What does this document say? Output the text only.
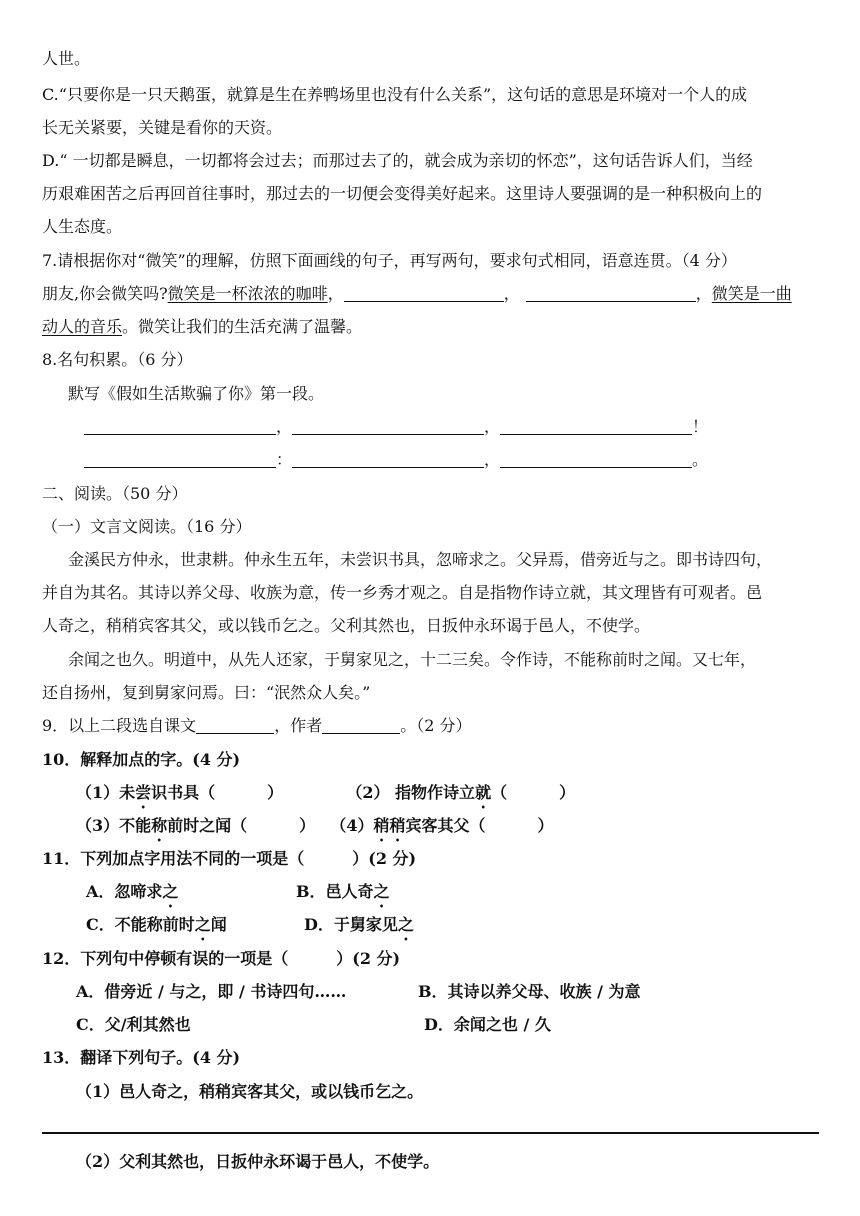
人世。
C.“只要你是一只天鹅蛋，就算是生在养鸭场里也没有什么关系”，这句话的意思是环境对一个人的成
长无关紧要，关键是看你的天资。
D.“ 一切都是瞬息，一切都将会过去；而那过去了的，就会成为亲切的怀恋”，这句话告诉人们，当经
历艰难困苦之后再回首往事时，那过去的一切便会变得美好起来。这里诗人要强调的是一种积极向上的
人生态度。
7.请根据你对“微笑”的理解，仿照下面画线的句子，再写两句，要求句式相同，语意连贯。（4 分）
朋友,你会微笑吗?微笑是一杯浓浓的咖啡，	，	，微笑是一曲
动人的音乐。微笑让我们的生活充满了温馨。
8.名句积累。（6 分）
默写《假如生活欺骗了你》第一段。
，	，	！
：	，	。
二、阅读。（50 分）
（一）文言文阅读。（16 分）
金溪民方仲永，世隶耕。仲永生五年，未尝识书具，忽啼求之。父异焉，借旁近与之。即书诗四句，
并自为其名。其诗以养父母、收族为意，传一乡秀才观之。自是指物作诗立就，其文理皆有可观者。邑
人奇之，稍稍宾客其父，或以钱币乞之。父利其然也，日扳仲永环谒于邑人，不使学。
余闻之也久。明道中，从先人还家，于舅家见之，十二三矣。令作诗，不能称前时之闻。又七年，
还自扬州，复到舅家问焉。曰：“泯然众人矣。”
9．以上二段选自课文	，作者	。（2 分）
10．解释加点的字。(4 分)
（1）未尝识书具（	）	（2） 指物作诗立就（	）
（3）不能称前时之闻（	） （4）稍稍宾客其父（	）
11．下列加点字用法不同的一项是（　　　）(2 分)
A．忽啼求之	B．邑人奇之
C．不能称前时之闻	D．于舅家见之
12．下列句中停顿有误的一项是（　　　）(2 分)
A．借旁近 / 与之，即 / 书诗四句……	B．其诗以养父母、收族 / 为意
C．父/利其然也	D．余闻之也 / 久
13．翻译下列句子。(4 分)
（1）邑人奇之，稍稍宾客其父，或以钱币乞之。
（2）父利其然也，日扳仲永环谒于邑人，不使学。
